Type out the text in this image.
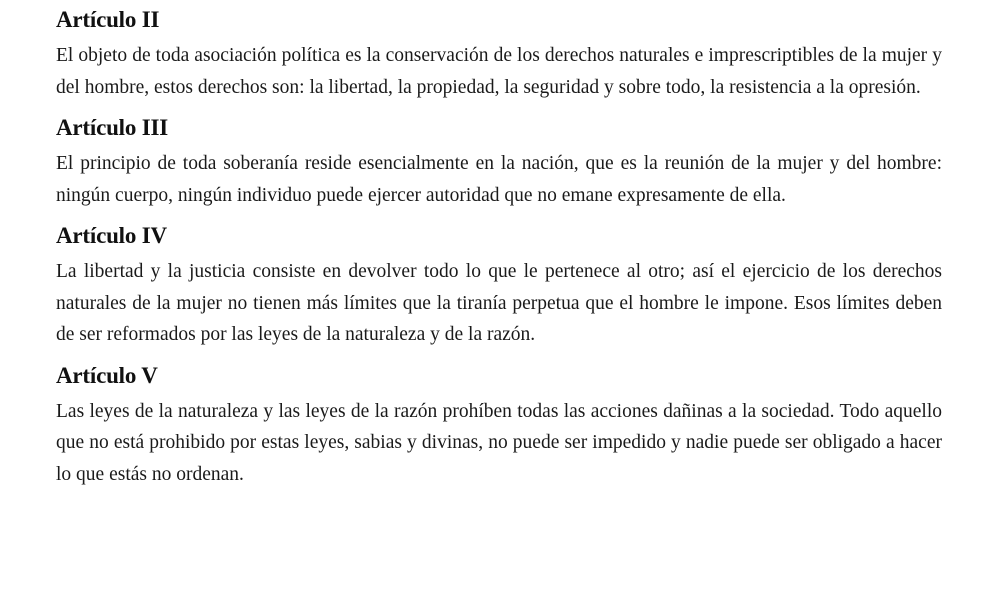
Artículo II

El objeto de toda asociación política es la conservación de los derechos naturales e imprescriptibles de la mujer y del hombre, estos derechos son: la libertad, la propiedad, la seguridad y sobre todo, la resistencia a la opresión.

Artículo III

El principio de toda soberanía reside esencialmente en la nación, que es la reunión de la mujer y del hombre: ningún cuerpo, ningún individuo puede ejercer autoridad que no emane expresamente de ella.

Artículo IV

La libertad y la justicia consiste en devolver todo lo que le pertenece al otro; así el ejercicio de los derechos naturales de la mujer no tienen más límites que la tiranía perpetua que el hombre le impone. Esos límites deben de ser reformados por las leyes de la naturaleza y de la razón.

Artículo V

Las leyes de la naturaleza y las leyes de la razón prohíben todas las acciones dañinas a la sociedad. Todo aquello que no está prohibido por estas leyes, sabias y divinas, no puede ser impedido y nadie puede ser obligado a hacer lo que estás no ordenan.
